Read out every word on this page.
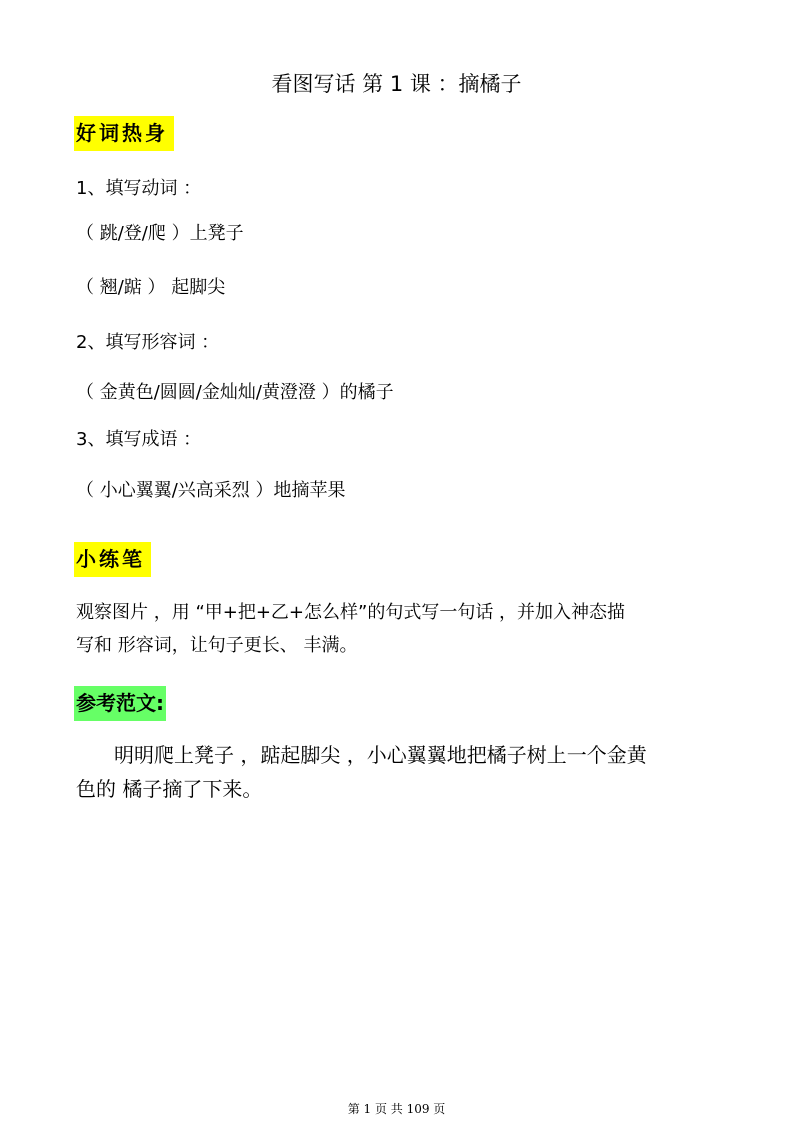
看图写话 第 1 课 ：摘橘子
好词热身
1、填写动词 ：
（ 跳/登/爬 ）上凳子
（ 翘/踮 ） 起脚尖
2、填写形容词 ：
（ 金黄色/圆圆/金灿灿/黄澄澄 ）的橘子
3、填写成语 ：
（ 小心翼翼/兴高采烈 ）地摘苹果
小练笔
观察图片 ，用 “甲+把+乙+怎么样”的句式写一句话 ，并加入神态描
写和 形容词，让句子更长、 丰满。
参考范文:
明明爬上凳子 ，踮起脚尖 ，小心翼翼地把橘子树上一个金黄
色的 橘子摘了下来。
第 1 页 共 109 页
